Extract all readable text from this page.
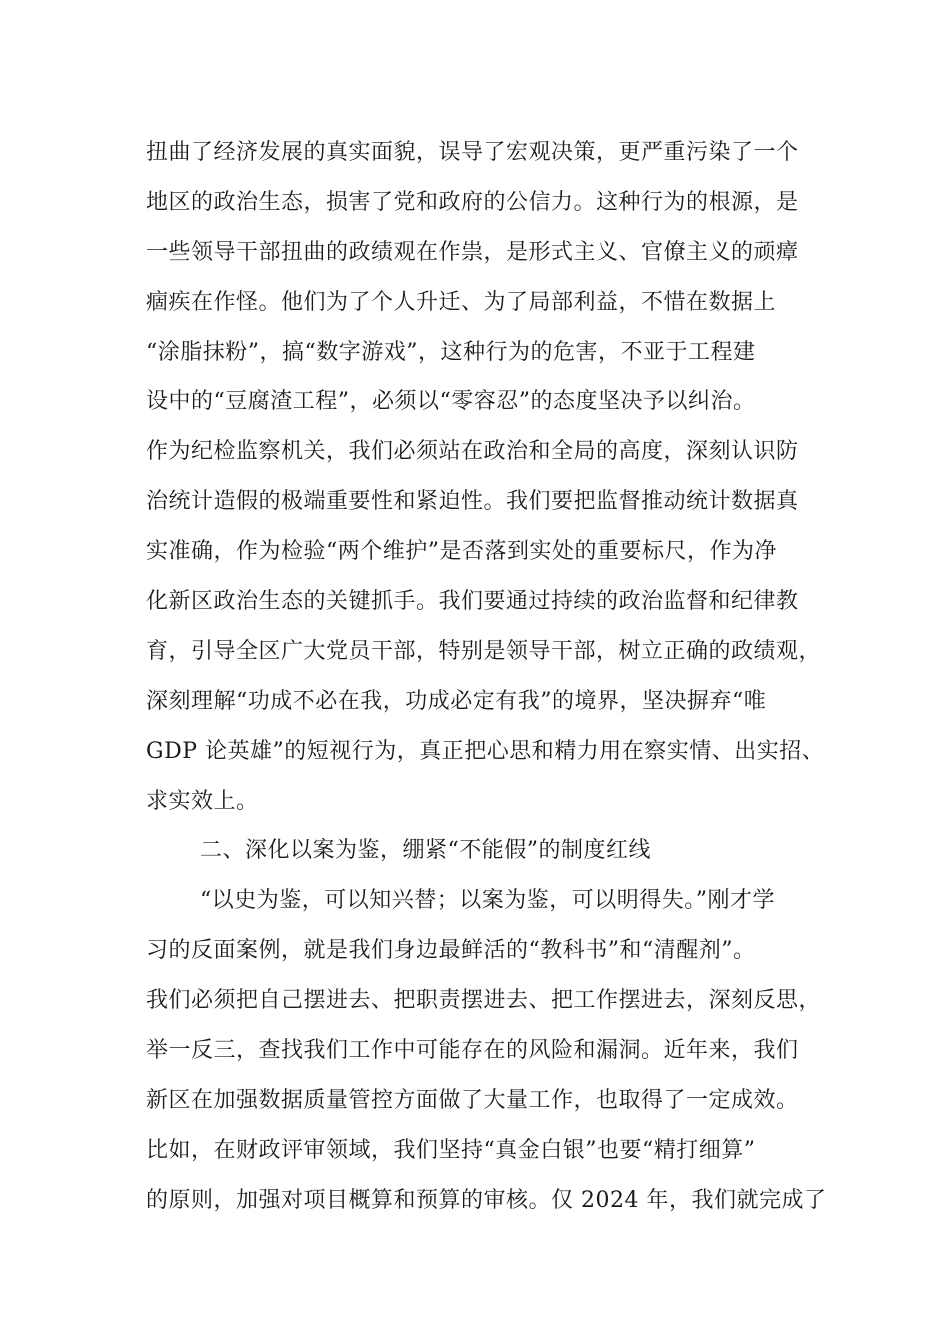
扭曲了经济发展的真实面貌，误导了宏观决策，更严重污染了一个
地区的政治生态，损害了党和政府的公信力。这种行为的根源，是
一些领导干部扭曲的政绩观在作祟，是形式主义、官僚主义的顽瘴
痼疾在作怪。他们为了个人升迁、为了局部利益，不惜在数据上
“涂脂抹粉”，搞“数字游戏”，这种行为的危害，不亚于工程建
设中的“豆腐渣工程”，必须以“零容忍”的态度坚决予以纠治。
作为纪检监察机关，我们必须站在政治和全局的高度，深刻认识防
治统计造假的极端重要性和紧迫性。我们要把监督推动统计数据真
实准确，作为检验“两个维护”是否落到实处的重要标尺，作为净
化新区政治生态的关键抓手。我们要通过持续的政治监督和纪律教
育，引导全区广大党员干部，特别是领导干部，树立正确的政绩观，
深刻理解“功成不必在我，功成必定有我”的境界，坚决摒弃“唯
GDP 论英雄”的短视行为，真正把心思和精力用在察实情、出实招、
求实效上。
二、深化以案为鉴，绷紧“不能假”的制度红线
“以史为鉴，可以知兴替；以案为鉴，可以明得失。”刚才学
习的反面案例，就是我们身边最鲜活的“教科书”和“清醒剂”。
我们必须把自己摆进去、把职责摆进去、把工作摆进去，深刻反思，
举一反三，查找我们工作中可能存在的风险和漏洞。近年来，我们
新区在加强数据质量管控方面做了大量工作，也取得了一定成效。
比如，在财政评审领域，我们坚持“真金白银”也要“精打细算”
的原则，加强对项目概算和预算的审核。仅 2024 年，我们就完成了
